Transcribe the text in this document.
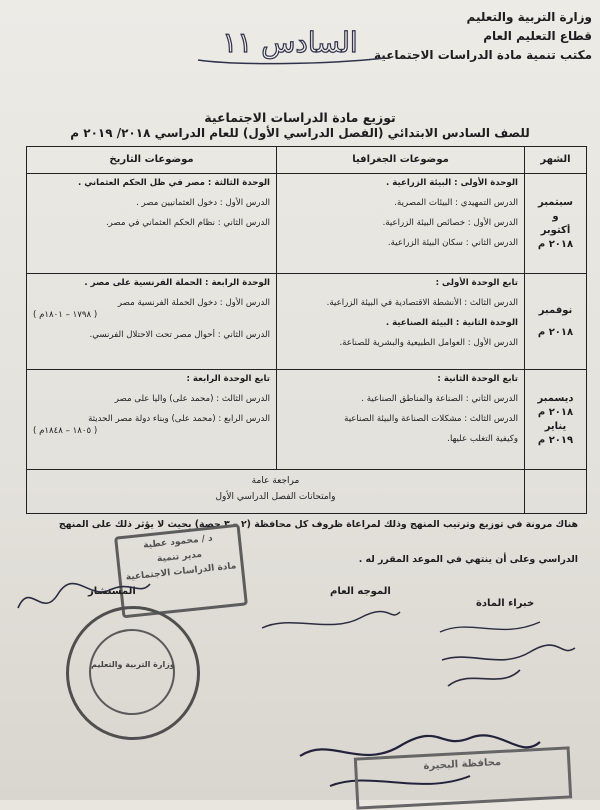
وزارة التربية والتعليم
قطاع التعليم العام
مكتب تنمية مادة الدراسات الاجتماعية
السادس ١١
توزيع مادة الدراسات الاجتماعية
للصف السادس الابتدائي (الفصل الدراسي الأول) للعام الدراسي ٢٠١٨/ ٢٠١٩ م
الشهر	موضوعات الجغرافيا	موضوعات التاريخ

سبتمبر
و
أكتوبر
٢٠١٨ م	الوحدة الأولى : البيئة الزراعية .
الدرس التمهيدي : البيئات المصرية.
الدرس الأول : خصائص البيئة الزراعية.
الدرس الثاني : سكان البيئة الزراعية.	الوحدة الثالثة : مصر في ظل الحكم العثماني .
الدرس الأول : دخول العثمانيين مصر .
الدرس الثاني : نظام الحكم العثماني في مصر.

نوفمبر
٢٠١٨ م	تابع الوحدة الأولى :
الدرس الثالث : الأنشطة الاقتصادية في البيئة الزراعية.
الوحدة الثانية : البيئة الصناعية .
الدرس الأول : العوامل الطبيعية والبشرية للصناعة.	الوحدة الرابعة : الحملة الفرنسية على مصر .
الدرس الأول : دخول الحملة الفرنسية مصر
( ١٧٩٨ – ١٨٠١م )
الدرس الثاني : أحوال مصر تحت الاحتلال الفرنسي.

ديسمبر
٢٠١٨ م
يناير
٢٠١٩ م	تابع الوحدة الثانية :
الدرس الثاني : الصناعة والمناطق الصناعية .
الدرس الثالث : مشكلات الصناعة والبيئة الصناعية
وكيفية التغلب عليها.	تابع الوحدة الرابعة :
الدرس الثالث : (محمد على) واليا على مصر
الدرس الرابع : (محمد على) وبناء دولة مصر الحديثة
( ١٨٠٥ – ١٨٤٨م )

	مراجعة عامة
وامتحانات الفصل الدراسي الأول	
هناك مرونة في توزيع وترتيب المنهج وذلك لمراعاة ظروف كل محافظة (٢ – ٣ حصة) بحيث لا يؤثر ذلك على المنهج
الدراسي وعلى أن ينتهي في الموعد المقرر له .
د / محمود عطية
مدير تنمية
مادة الدراسات الاجتماعية
المستشار	الموجه العام
خبراء المادة
وزارة التربية والتعليم
محافظة البحيرة
